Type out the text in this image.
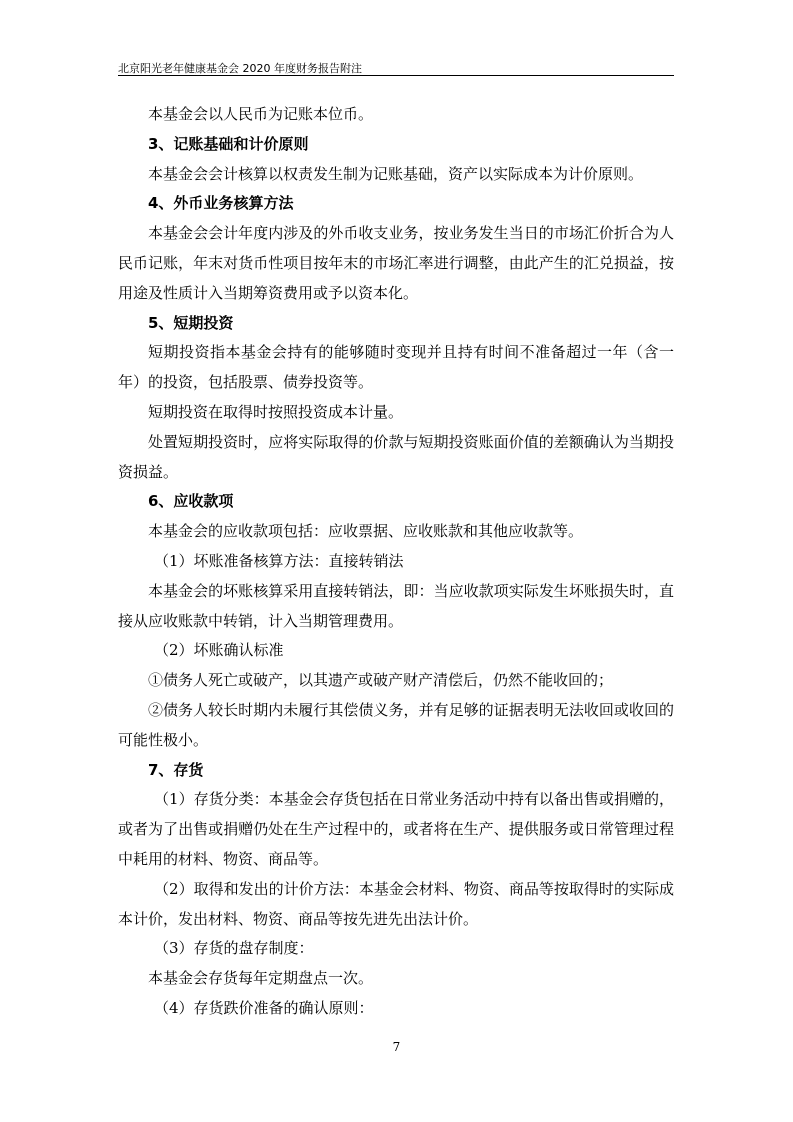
北京阳光老年健康基金会 2020 年度财务报告附注

本基金会以人民币为记账本位币。

3、记账基础和计价原则

本基金会会计核算以权责发生制为记账基础，资产以实际成本为计价原则。

4、外币业务核算方法

本基金会会计年度内涉及的外币收支业务，按业务发生当日的市场汇价折合为人民币记账，年末对货币性项目按年末的市场汇率进行调整，由此产生的汇兑损益，按用途及性质计入当期筹资费用或予以资本化。

5、短期投资

短期投资指本基金会持有的能够随时变现并且持有时间不准备超过一年（含一年）的投资，包括股票、债券投资等。

短期投资在取得时按照投资成本计量。

处置短期投资时，应将实际取得的价款与短期投资账面价值的差额确认为当期投资损益。

6、应收款项

本基金会的应收款项包括：应收票据、应收账款和其他应收款等。

（1）坏账准备核算方法：直接转销法

本基金会的坏账核算采用直接转销法，即：当应收款项实际发生坏账损失时，直接从应收账款中转销，计入当期管理费用。

（2）坏账确认标准

①债务人死亡或破产，以其遗产或破产财产清偿后，仍然不能收回的；

②债务人较长时期内未履行其偿债义务，并有足够的证据表明无法收回或收回的可能性极小。

7、存货

（1）存货分类：本基金会存货包括在日常业务活动中持有以备出售或捐赠的，或者为了出售或捐赠仍处在生产过程中的，或者将在生产、提供服务或日常管理过程中耗用的材料、物资、商品等。

（2）取得和发出的计价方法：本基金会材料、物资、商品等按取得时的实际成本计价，发出材料、物资、商品等按先进先出法计价。

（3）存货的盘存制度：

本基金会存货每年定期盘点一次。

（4）存货跌价准备的确认原则：

7
